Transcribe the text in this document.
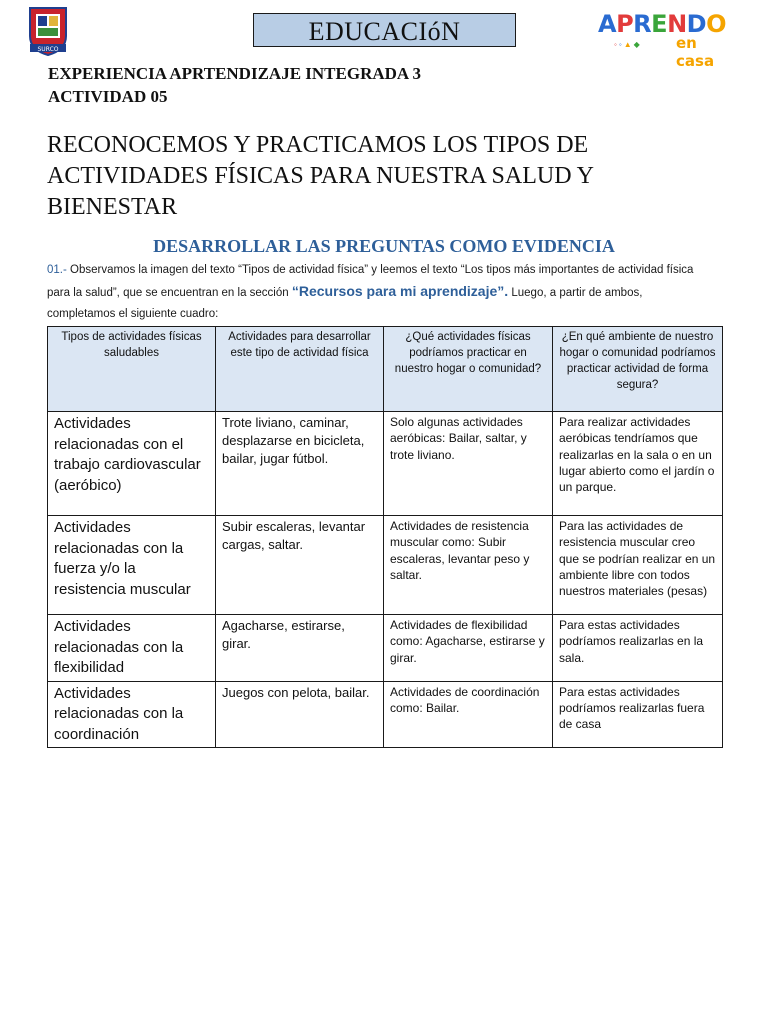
SURCO
APRENDO
◦◦▲◆ en casa
EDUCACIóN
EXPERIENCIA APRTENDIZAJE INTEGRADA 3
ACTIVIDAD 05
RECONOCEMOS Y PRACTICAMOS LOS TIPOS DE ACTIVIDADES FÍSICAS PARA NUESTRA SALUD Y BIENESTAR
DESARROLLAR LAS PREGUNTAS COMO EVIDENCIA
01.- Observamos la imagen del texto “Tipos de actividad física” y leemos el texto “Los tipos más importantes de actividad física para la salud”, que se encuentran en la sección “Recursos para mi aprendizaje”. Luego, a partir de ambos, completamos el siguiente cuadro:
Tipos de actividades físicas saludables	Actividades para desarrollar este tipo de actividad física	¿Qué actividades físicas podríamos practicar en nuestro hogar o comunidad?	¿En qué ambiente de nuestro hogar o comunidad podríamos practicar actividad de forma segura?
Actividades relacionadas con el trabajo cardiovascular (aeróbico)	Trote liviano, caminar, desplazarse en bicicleta, bailar, jugar fútbol.	Solo algunas actividades aeróbicas: Bailar, saltar, y trote liviano.	Para realizar actividades aeróbicas tendríamos que realizarlas en la sala o en un lugar abierto como el jardín o un parque.
Actividades relacionadas con la fuerza y/o la resistencia muscular	Subir escaleras, levantar cargas, saltar.	Actividades de resistencia muscular como: Subir escaleras, levantar peso y saltar.	Para las actividades de resistencia muscular creo que se podrían realizar en un ambiente libre con todos nuestros materiales (pesas)
Actividades relacionadas con la flexibilidad	Agacharse, estirarse, girar.	Actividades de flexibilidad como: Agacharse, estirarse y girar.	Para estas actividades podríamos realizarlas en la sala.
Actividades relacionadas con la coordinación	Juegos con pelota, bailar.	Actividades de coordinación como: Bailar.	Para estas actividades podríamos realizarlas fuera de casa
